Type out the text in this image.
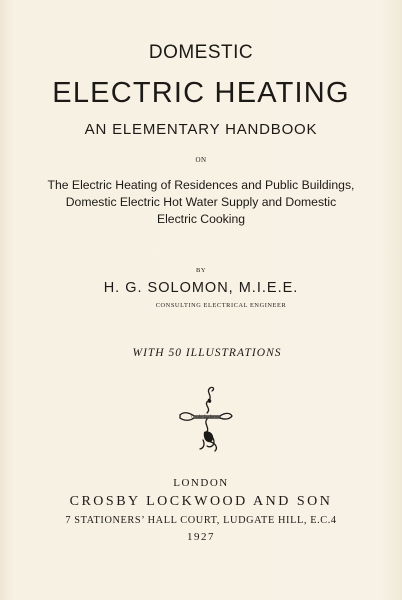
DOMESTIC
ELECTRIC HEATING
AN ELEMENTARY HANDBOOK
ON
The Electric Heating of Residences and Public Buildings,
Domestic Electric Hot Water Supply and Domestic
Electric Cooking
BY
H. G. SOLOMON, M.I.E.E.
CONSULTING ELECTRICAL ENGINEER
WITH 50 ILLUSTRATIONS
Crosby Lockwood
LONDON
CROSBY LOCKWOOD AND SON
7 STATIONERS’ HALL COURT, LUDGATE HILL, E.C.4
1927
